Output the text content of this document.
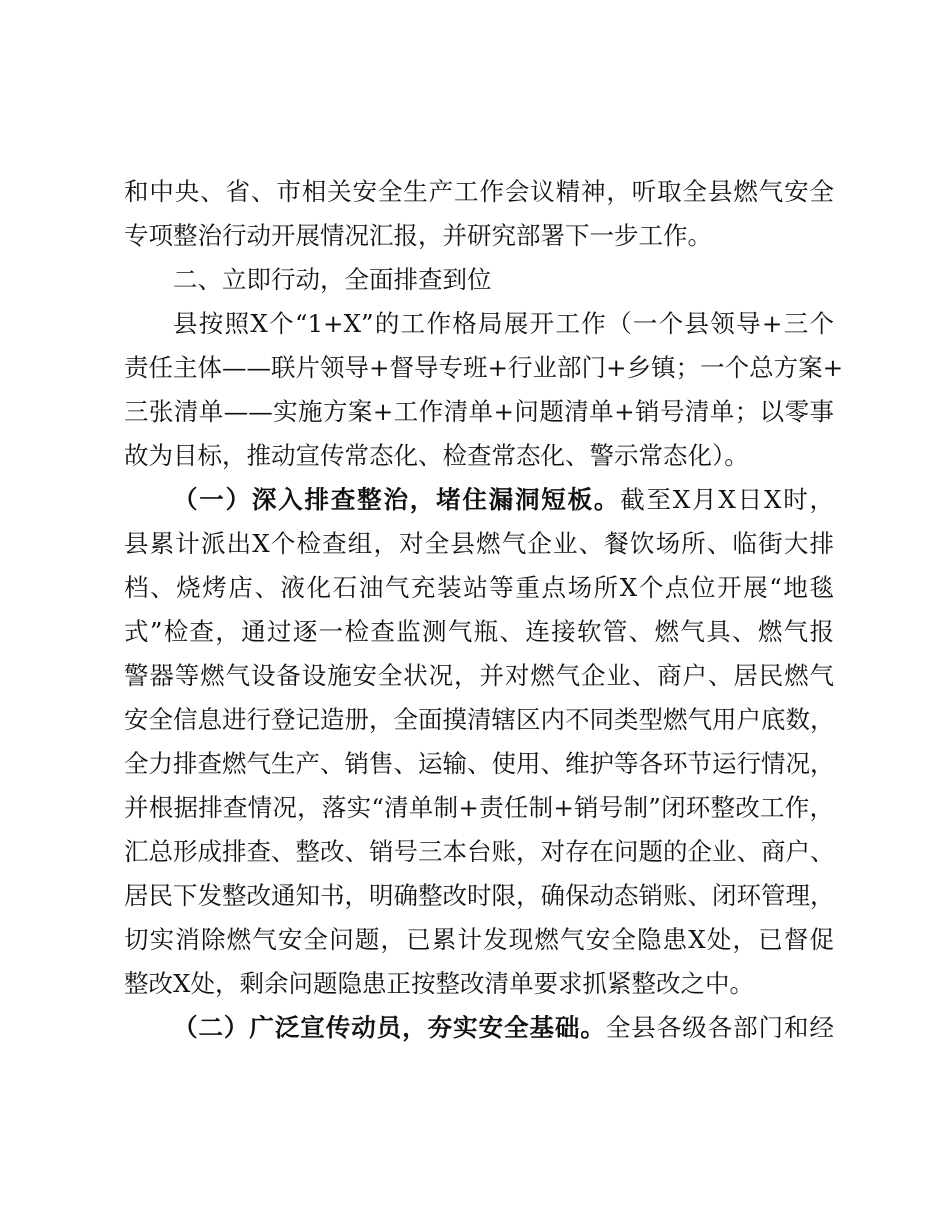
和中央、省、市相关安全生产工作会议精神，听取全县燃气安全
专项整治行动开展情况汇报，并研究部署下一步工作。
二、立即行动，全面排查到位
县按照X个“1+X”的工作格局展开工作（一个县领导+三个
责任主体——联片领导+督导专班+行业部门+乡镇；一个总方案+
三张清单——实施方案+工作清单+问题清单+销号清单；以零事
故为目标，推动宣传常态化、检查常态化、警示常态化）。
（一）深入排查整治，堵住漏洞短板。截至X月X日X时，
县累计派出X个检查组，对全县燃气企业、餐饮场所、临街大排
档、烧烤店、液化石油气充装站等重点场所X个点位开展“地毯
式”检查，通过逐一检查监测气瓶、连接软管、燃气具、燃气报
警器等燃气设备设施安全状况，并对燃气企业、商户、居民燃气
安全信息进行登记造册，全面摸清辖区内不同类型燃气用户底数，
全力排查燃气生产、销售、运输、使用、维护等各环节运行情况，
并根据排查情况，落实“清单制+责任制+销号制”闭环整改工作，
汇总形成排查、整改、销号三本台账，对存在问题的企业、商户、
居民下发整改通知书，明确整改时限，确保动态销账、闭环管理，
切实消除燃气安全问题，已累计发现燃气安全隐患X处，已督促
整改X处，剩余问题隐患正按整改清单要求抓紧整改之中。
（二）广泛宣传动员，夯实安全基础。全县各级各部门和经
